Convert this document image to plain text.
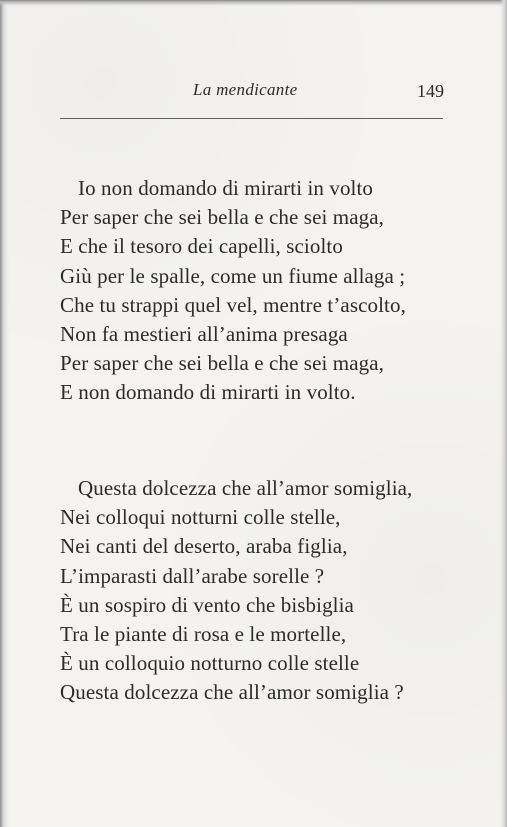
La mendicante	149
Io non domando di mirarti in volto
Per saper che sei bella e che sei maga,
E che il tesoro dei capelli, sciolto
Giù per le spalle, come un fiume allaga ;
Che tu strappi quel vel, mentre t’ascolto,
Non fa mestieri all’anima presaga
Per saper che sei bella e che sei maga,
E non domando di mirarti in volto.
Questa dolcezza che all’amor somiglia,
Nei colloqui notturni colle stelle,
Nei canti del deserto, araba figlia,
L’imparasti dall’arabe sorelle ?
È un sospiro di vento che bisbiglia
Tra le piante di rosa e le mortelle,
È un colloquio notturno colle stelle
Questa dolcezza che all’amor somiglia ?
